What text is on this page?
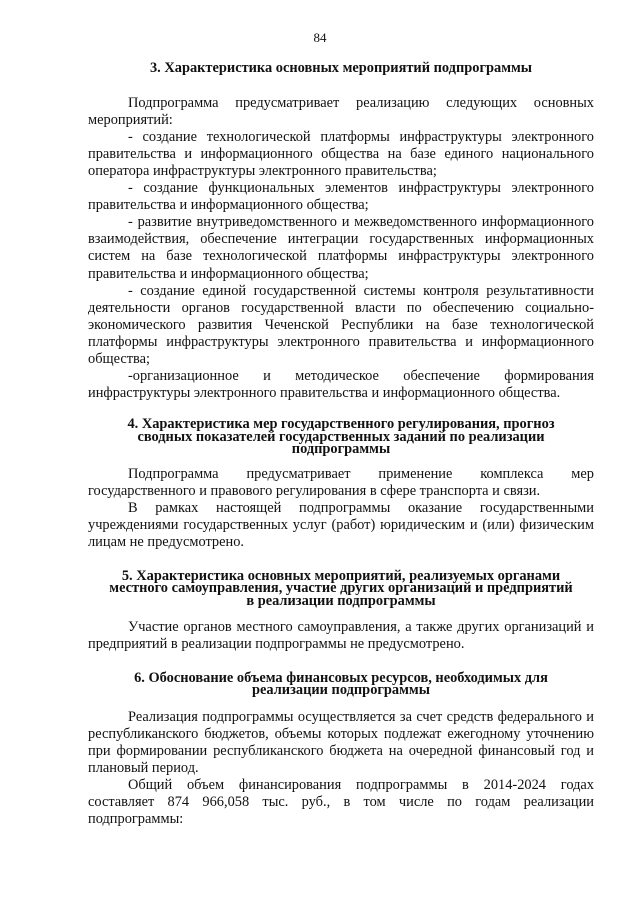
84
3. Характеристика основных мероприятий подпрограммы

Подпрограмма предусматривает реализацию следующих основных мероприятий:

- создание технологической платформы инфраструктуры электронного правительства и информационного общества на базе единого национального оператора инфраструктуры электронного правительства;

- создание функциональных элементов инфраструктуры электронного правительства и информационного общества;

- развитие внутриведомственного и межведомственного информационного взаимодействия, обеспечение интеграции государственных информационных систем на базе технологической платформы инфраструктуры электронного правительства и информационного общества;

- создание единой государственной системы контроля результативности деятельности органов государственной власти по обеспечению социально-экономического развития Чеченской Республики на базе технологической платформы инфраструктуры электронного правительства и информационного общества;

-организационное и методическое обеспечение формирования инфраструктуры электронного правительства и информационного общества.

4. Характеристика мер государственного регулирования, прогноз
сводных показателей государственных заданий по реализации
подпрограммы

Подпрограмма предусматривает применение комплекса мер государственного и правового регулирования в сфере транспорта и связи.

В рамках настоящей подпрограммы оказание государственными учреждениями государственных услуг (работ) юридическим и (или) физическим лицам не предусмотрено.

5. Характеристика основных мероприятий, реализуемых органами
местного самоуправления, участие других организаций и предприятий
в реализации подпрограммы

Участие органов местного самоуправления, а также других организаций и предприятий в реализации подпрограммы не предусмотрено.

6. Обоснование объема финансовых ресурсов, необходимых для
реализации подпрограммы

Реализация подпрограммы осуществляется за счет средств федерального и республиканского бюджетов, объемы которых подлежат ежегодному уточнению при формировании республиканского бюджета на очередной финансовый год и плановый период.

Общий объем финансирования подпрограммы в 2014-2024 годах составляет 874 966,058 тыс. руб., в том числе по годам реализации подпрограммы:
